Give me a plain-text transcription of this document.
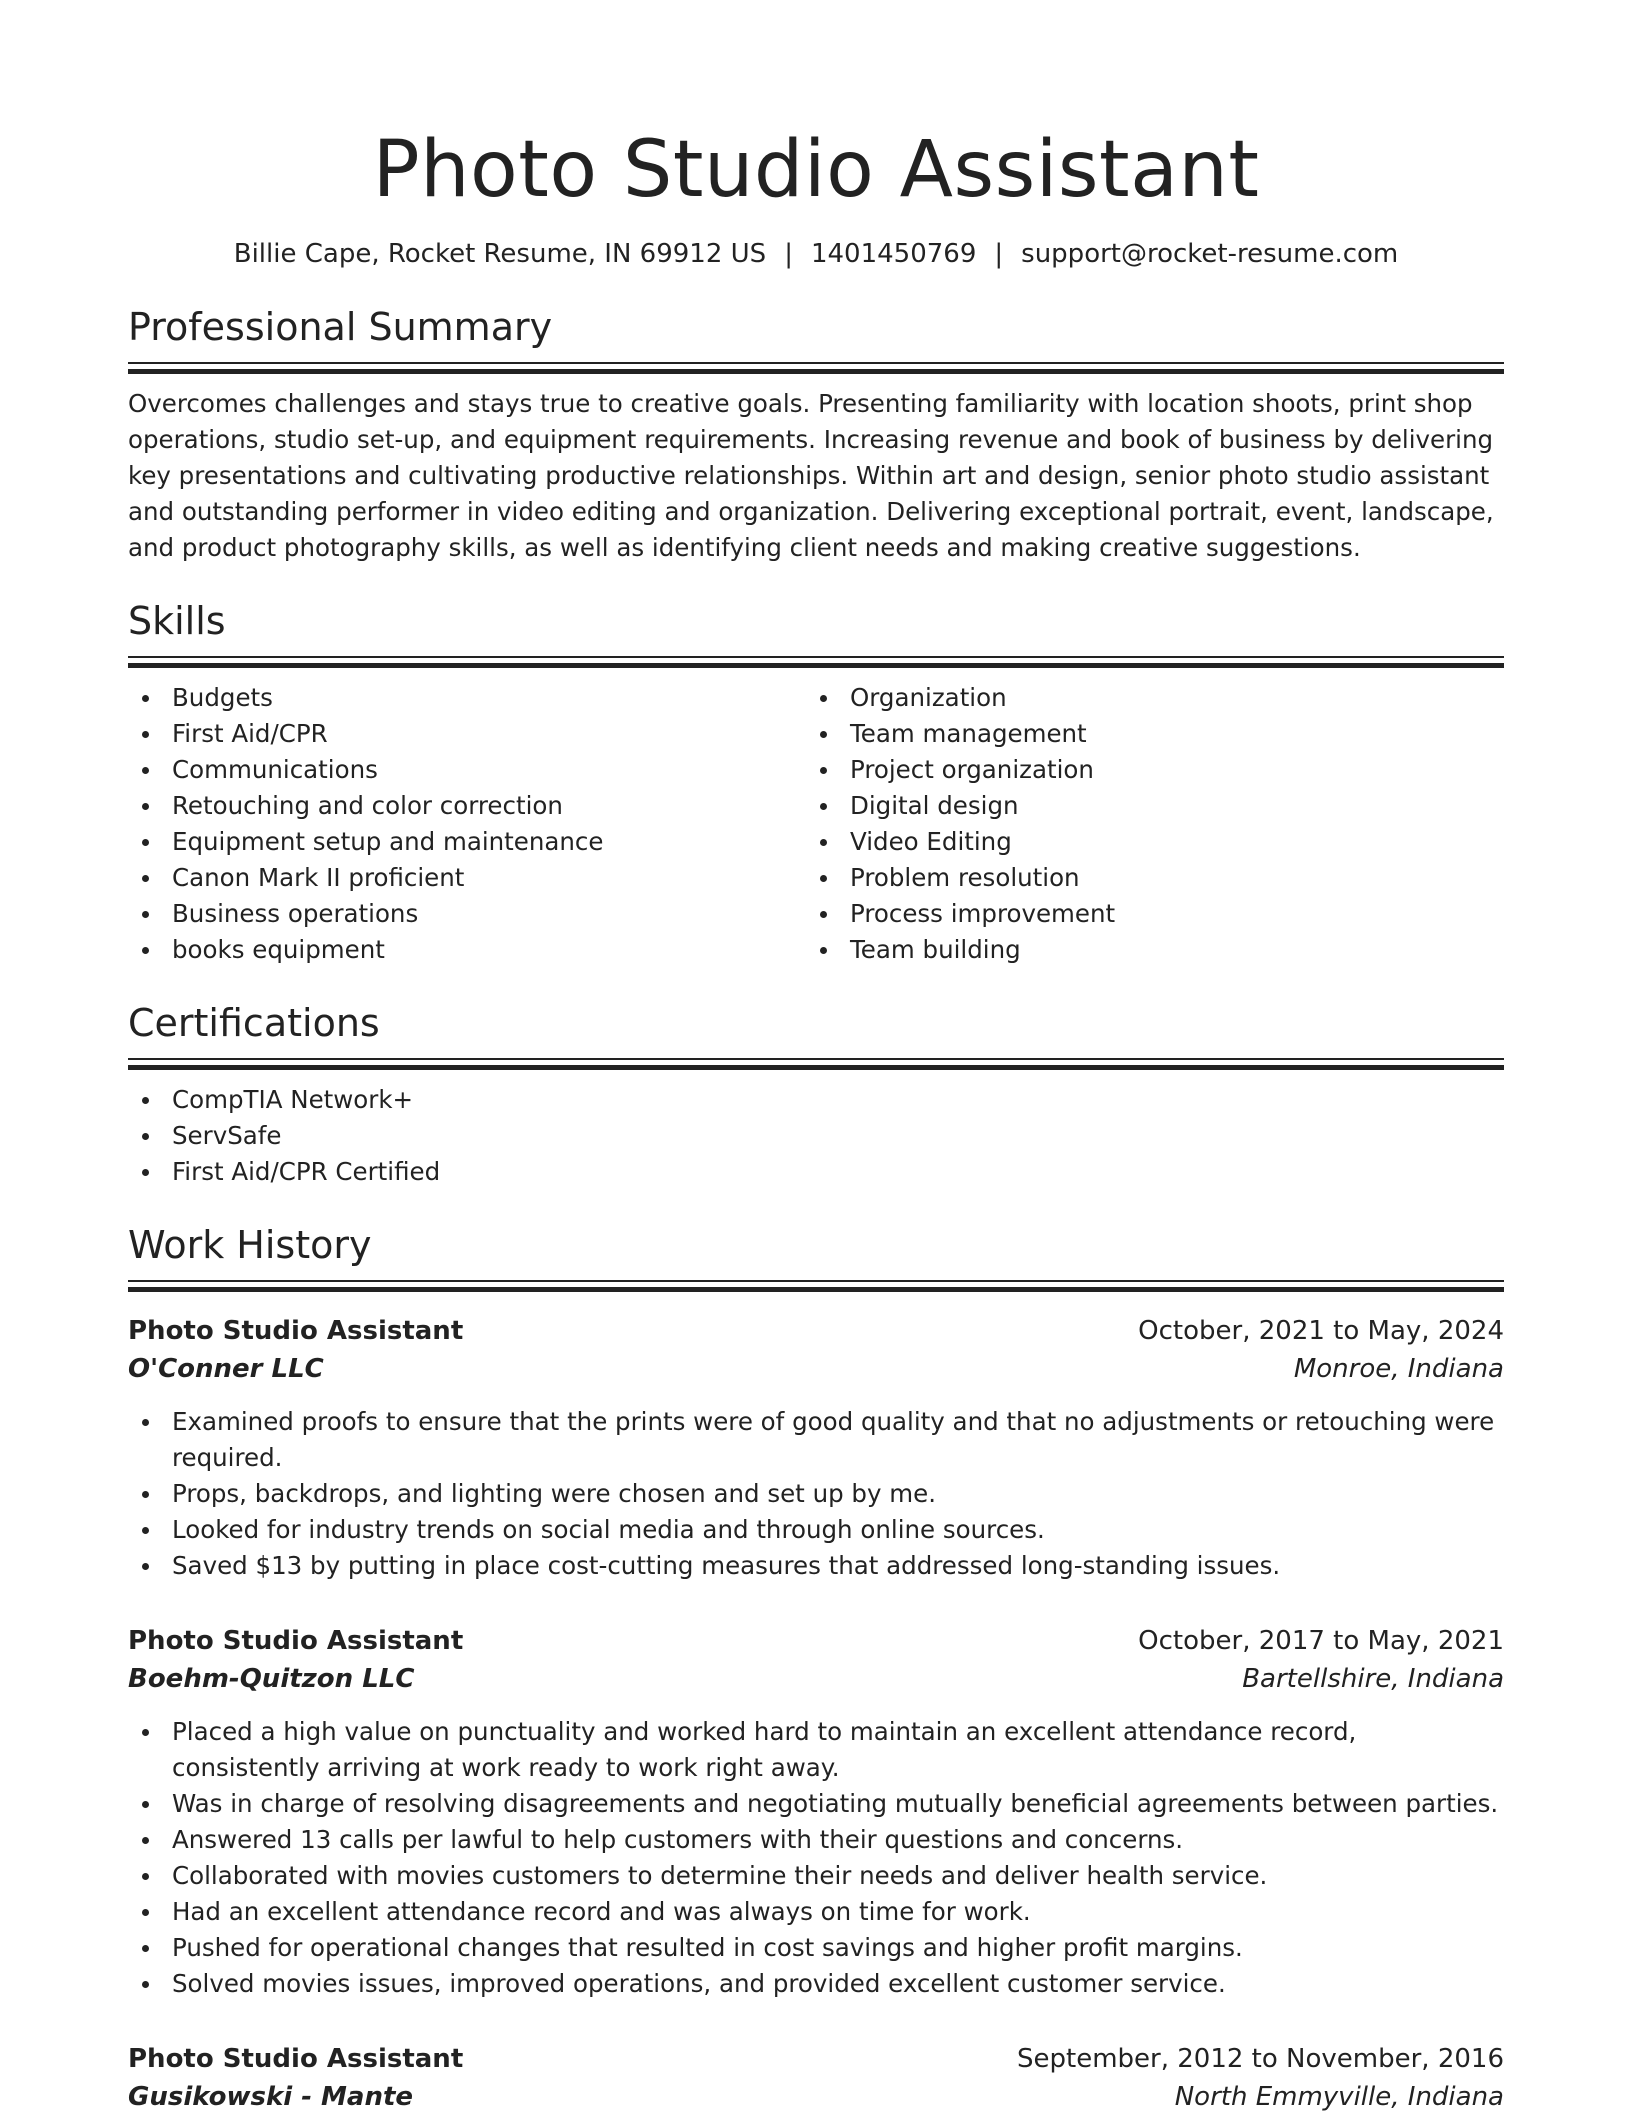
Photo Studio Assistant
Billie Cape, Rocket Resume, IN 69912 US | 1401450769 | support@rocket-resume.com
Professional Summary

Overcomes challenges and stays true to creative goals. Presenting familiarity with location shoots, print shop operations, studio set-up, and equipment requirements. Increasing revenue and book of business by delivering key presentations and cultivating productive relationships. Within art and design, senior photo studio assistant and outstanding performer in video editing and organization. Delivering exceptional portrait, event, landscape, and product photography skills, as well as identifying client needs and making creative suggestions.

Skills
Budgets
First Aid/CPR
Communications
Retouching and color correction
Equipment setup and maintenance
Canon Mark II proficient
Business operations
books equipment
Organization
Team management
Project organization
Digital design
Video Editing
Problem resolution
Process improvement
Team building
Certifications
CompTIA Network+
ServSafe
First Aid/CPR Certified
Work History
Photo Studio Assistant	October, 2021 to May, 2024
O'Conner LLC	Monroe, Indiana
Examined proofs to ensure that the prints were of good quality and that no adjustments or retouching were required.
Props, backdrops, and lighting were chosen and set up by me.
Looked for industry trends on social media and through online sources.
Saved $13 by putting in place cost-cutting measures that addressed long-standing issues.
Photo Studio Assistant	October, 2017 to May, 2021
Boehm-Quitzon LLC	Bartellshire, Indiana
Placed a high value on punctuality and worked hard to maintain an excellent attendance record, consistently arriving at work ready to work right away.
Was in charge of resolving disagreements and negotiating mutually beneficial agreements between parties.
Answered 13 calls per lawful to help customers with their questions and concerns.
Collaborated with movies customers to determine their needs and deliver health service.
Had an excellent attendance record and was always on time for work.
Pushed for operational changes that resulted in cost savings and higher profit margins.
Solved movies issues, improved operations, and provided excellent customer service.
Photo Studio Assistant	September, 2012 to November, 2016
Gusikowski - Mante	North Emmyville, Indiana
